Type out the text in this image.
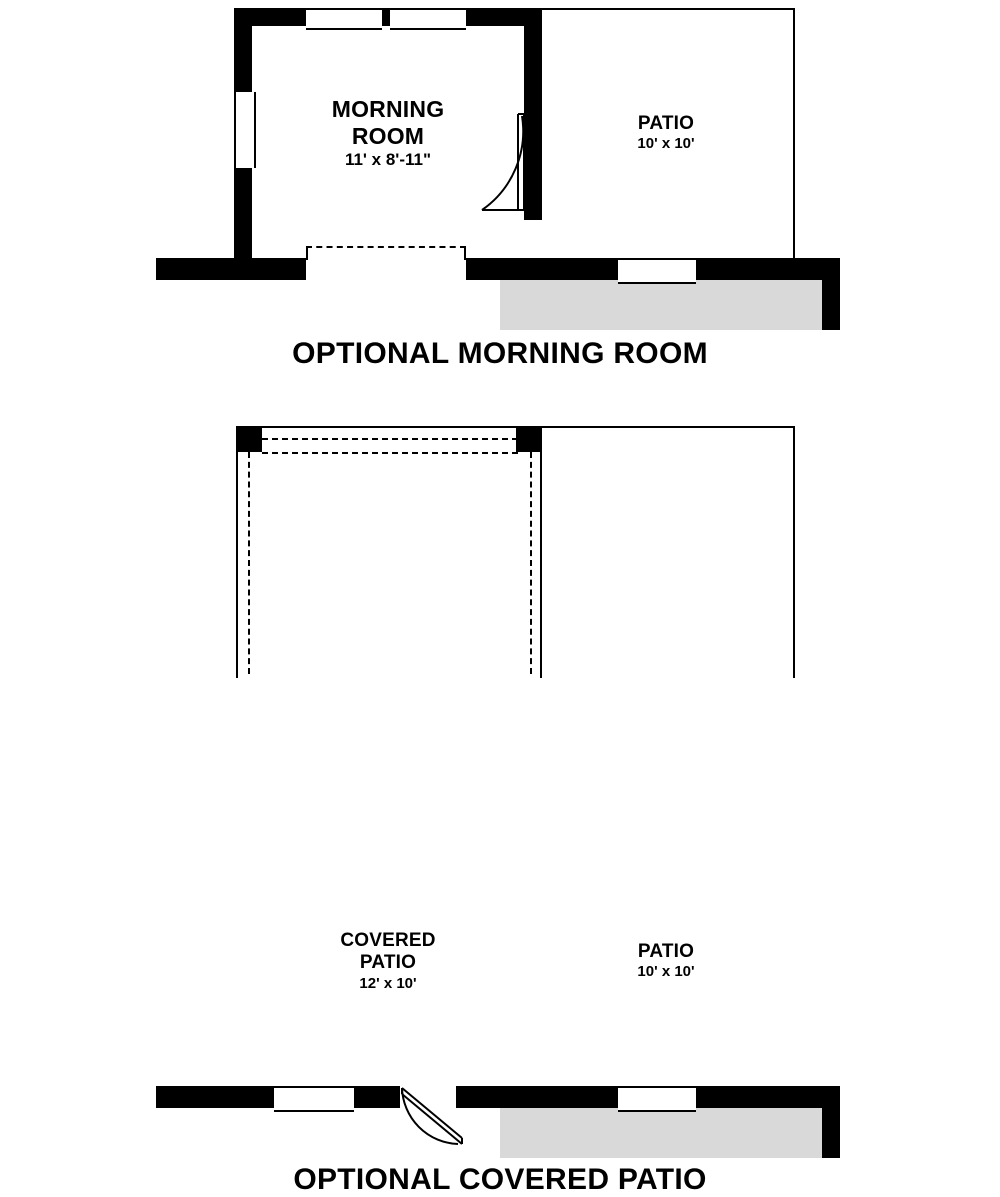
MORNING
ROOM
11' x 8'-11"
PATIO
10' x 10'
OPTIONAL MORNING ROOM
COVERED
PATIO
12' x 10'
PATIO
10' x 10'
OPTIONAL COVERED PATIO
